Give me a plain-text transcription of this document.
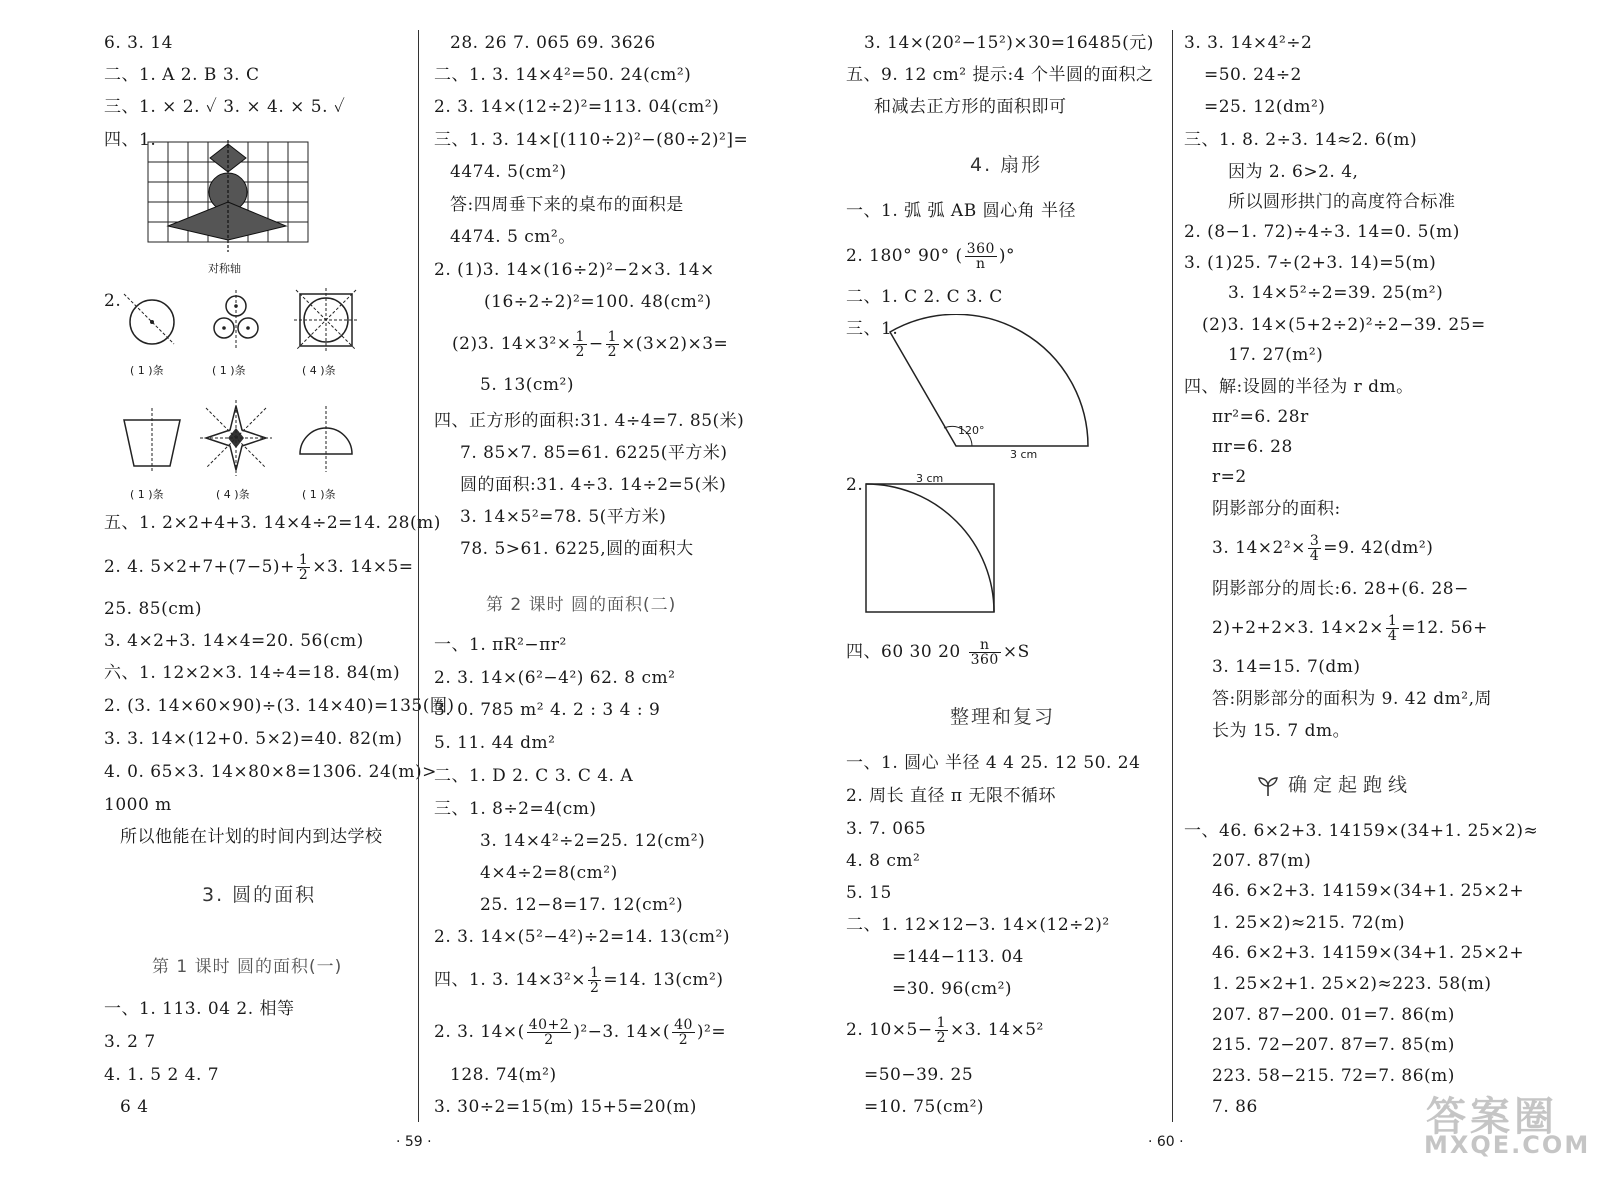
6. 3. 14
二、1. A 2. B 3. C
三、1. × 2. ✓ 3. × 4. × 5. ✓
四、1.
对称轴
2.
( 1 )条	( 1 )条	( 4 )条
( 1 )条	( 4 )条	( 1 )条
五、1. 2×2+4+3. 14×4÷2=14. 28(m)
2. 4. $5\times 2+7+(7-5)+ \frac{1}{2} \times 3$. 14×5=
25. 85(cm)
3. 4×2+3. 14×4=20. 56(cm)
六、1. 12×2×3. 14÷4=18. 84(m)
2. (3. 14×60×90)÷(3. 14×40)=135(圈)
3. 3. 14×(12+0. 5×2)=40. 82(m)
4. 0. 65×3. 14×80×8=1306. 24(m)>
1000 m
所以他能在计划的时间内到达学校
3. 圆的面积
第 1 课时 圆的面积(一)
一、1. 113. 04 2. 相等
3. 2 7
4. 1. 5 2 4. 7
6 4
28. 26 7. 065 69. 3626
二、1. 3. 14×4²=50. 24(cm²)
2. 3. 14×(12÷2)²=113. 04(cm²)
三、1. 3. 14×[(110÷2)²−(80÷2)²]=
4474. 5(cm²)
答:四周垂下来的桌布的面积是
4474. 5 cm²。
2. (1)3. 14×(16÷2)²−2×3. 14×
(16÷2÷2)²=100. 48(cm²)
(2)3. $14\times 3^2\times \frac{1}{2} - \frac{1}{2} \times(3\times 2)\times 3=$
5. 13(cm²)
四、正方形的面积:31. 4÷4=7. 85(米)
7. 85×7. 85=61. 6225(平方米)
圆的面积:31. 4÷3. 14÷2=5(米)
3. 14×5²=78. 5(平方米)
78. 5>61. 6225,圆的面积大
第 2 课时 圆的面积(二)
一、1. πR²−πr²
2. 3. 14×(6²−4²) 62. 8 cm²
3. 0. 785 m² 4. 2 : 3 4 : 9
5. 11. 44 dm²
二、1. D 2. C 3. C 4. A
三、1. 8÷2=4(cm)
3. 14×4²÷2=25. 12(cm²)
4×4÷2=8(cm²)
25. 12−8=17. 12(cm²)
2. 3. 14×(5²−4²)÷2=14. 13(cm²)
四、1. 3. $14\times 3^2\times \frac{1}{2} =14$. 13(cm²)
2. 3. $14\times( \frac{40+2}{2} )^2-3$. $14\times( \frac{40}{2} )^2=$
128. 74(m²)
3. 30÷2=15(m) 15+5=20(m)
· 59 ·
3. 14×(20²−15²)×30=16485(元)
五、9. 12 cm² 提示:4 个半圆的面积之
和减去正方形的面积即可
4. 扇形
一、1. 弧 弧 AB 圆心角 半径
2. 180° 90° ( $\frac{360}{n}$ )°
二、1. C 2. C 3. C
三、1.
120°
3 cm
2.	3 cm
四、60 30 $20 \frac{n}{360} \times S$
整理和复习
一、1. 圆心 半径 4 4 25. 12 50. 24
2. 周长 直径 π 无限不循环
3. 7. 065
4. 8 cm²
5. 15
二、1. 12×12−3. 14×(12÷2)²
=144−113. 04
=30. 96(cm²)
2. $10\times 5- \frac{1}{2} \times 3$. 14×5²
=50−39. 25
=10. 75(cm²)
3. 3. 14×4²÷2
=50. 24÷2
=25. 12(dm²)
三、1. 8. 2÷3. 14≈2. 6(m)
因为 2. 6>2. 4,
所以圆形拱门的高度符合标准
2. (8−1. 72)÷4÷3. 14=0. 5(m)
3. (1)25. 7÷(2+3. 14)=5(m)
3. 14×5²÷2=39. 25(m²)
(2)3. 14×(5+2÷2)²÷2−39. 25=
17. 27(m²)
四、解:设圆的半径为 r dm。
πr²=6. 28r
πr=6. 28
r=2
阴影部分的面积:
3. $14\times 2^2\times \frac{3}{4} =9$. 42(dm²)
阴影部分的周长:6. 28+(6. 28−
2)+2+2×3. $14\times 2\times \frac{1}{4} =12$. 56+
3. 14=15. 7(dm)
答:阴影部分的面积为 9. 42 dm²,周
长为 15. 7 dm。
确定起跑线
一、46. 6×2+3. 14159×(34+1. 25×2)≈
207. 87(m)
46. 6×2+3. 14159×(34+1. 25×2+
1. 25×2)≈215. 72(m)
46. 6×2+3. 14159×(34+1. 25×2+
1. 25×2+1. 25×2)≈223. 58(m)
207. 87−200. 01=7. 86(m)
215. 72−207. 87=7. 85(m)
223. 58−215. 72=7. 86(m)
7. 86
· 60 ·
答案圈
MXQE.COM
